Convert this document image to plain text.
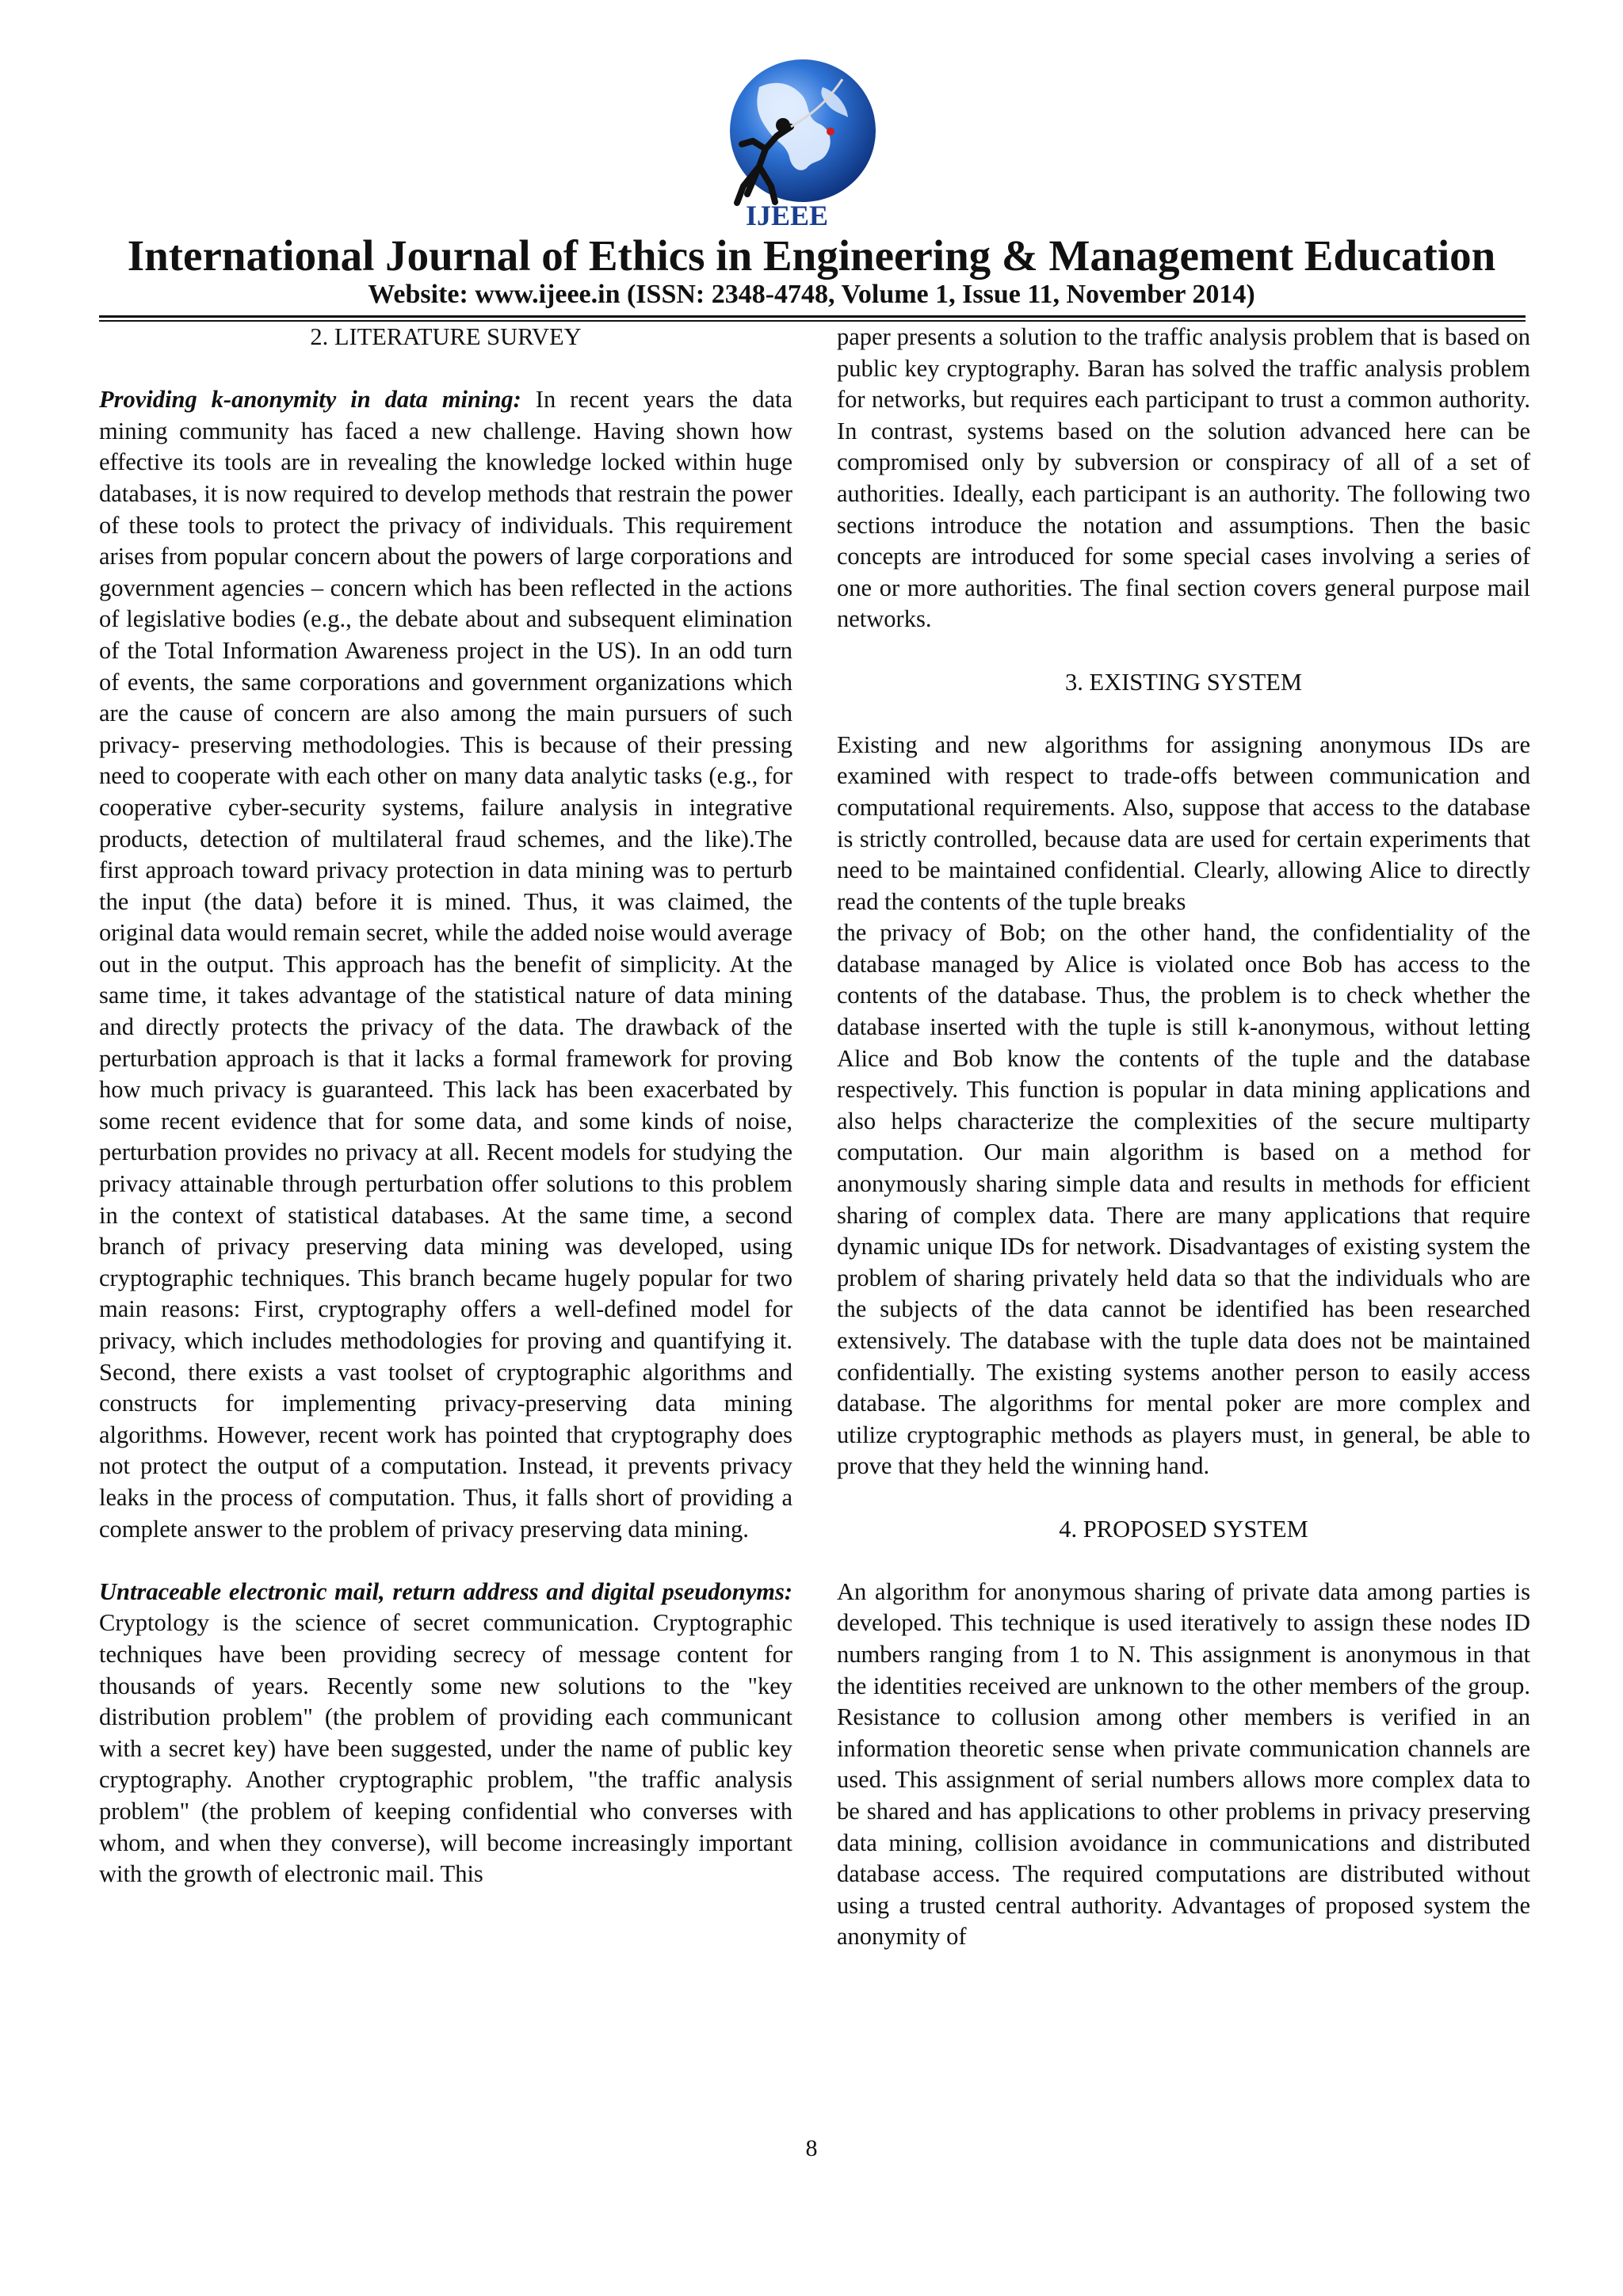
IJEEE
International Journal of Ethics in Engineering & Management Education
Website: www.ijeee.in (ISSN: 2348-4748, Volume 1, Issue 11, November 2014)

2. LITERATURE SURVEY

Providing k-anonymity in data mining: In recent years the data mining community has faced a new challenge. Having shown how effective its tools are in revealing the knowledge locked within huge databases, it is now required to develop methods that restrain the power of these tools to protect the privacy of individuals. This requirement arises from popular concern about the powers of large corporations and government agencies – concern which has been reflected in the actions of legislative bodies (e.g., the debate about and subsequent elimination of the Total Information Awareness project in the US). In an odd turn of events, the same corporations and government organizations which are the cause of concern are also among the main pursuers of such privacy- preserving methodologies. This is because of their pressing need to cooperate with each other on many data analytic tasks (e.g., for cooperative cyber-security systems, failure analysis in integrative products, detection of multilateral fraud schemes, and the like).The first approach toward privacy protection in data mining was to perturb the input (the data) before it is mined. Thus, it was claimed, the original data would remain secret, while the added noise would average out in the output. This approach has the benefit of simplicity. At the same time, it takes advantage of the statistical nature of data mining and directly protects the privacy of the data. The drawback of the perturbation approach is that it lacks a formal framework for proving how much privacy is guaranteed. This lack has been exacerbated by some recent evidence that for some data, and some kinds of noise, perturbation provides no privacy at all. Recent models for studying the privacy attainable through perturbation offer solutions to this problem in the context of statistical databases. At the same time, a second branch of privacy preserving data mining was developed, using cryptographic techniques. This branch became hugely popular for two main reasons: First, cryptography offers a well-defined model for privacy, which includes methodologies for proving and quantifying it. Second, there exists a vast toolset of cryptographic algorithms and constructs for implementing privacy-preserving data mining algorithms. However, recent work has pointed that cryptography does not protect the output of a computation. Instead, it prevents privacy leaks in the process of computation. Thus, it falls short of providing a complete answer to the problem of privacy preserving data mining.

Untraceable electronic mail, return address and digital pseudonyms: Cryptology is the science of secret communication. Cryptographic techniques have been providing secrecy of message content for thousands of years. Recently some new solutions to the "key distribution problem" (the problem of providing each communicant with a secret key) have been suggested, under the name of public key cryptography. Another cryptographic problem, "the traffic analysis problem" (the problem of keeping confidential who converses with whom, and when they converse), will become increasingly important with the growth of electronic mail. This

paper presents a solution to the traffic analysis problem that is based on public key cryptography. Baran has solved the traffic analysis problem for networks, but requires each participant to trust a common authority. In contrast, systems based on the solution advanced here can be compromised only by subversion or conspiracy of all of a set of authorities. Ideally, each participant is an authority. The following two sections introduce the notation and assumptions. Then the basic concepts are introduced for some special cases involving a series of one or more authorities. The final section covers general purpose mail networks.

3. EXISTING SYSTEM

Existing and new algorithms for assigning anonymous IDs are examined with respect to trade-offs between communication and computational requirements. Also, suppose that access to the database is strictly controlled, because data are used for certain experiments that need to be maintained confidential. Clearly, allowing Alice to directly read the contents of the tuple breaks

the privacy of Bob; on the other hand, the confidentiality of the database managed by Alice is violated once Bob has access to the contents of the database. Thus, the problem is to check whether the database inserted with the tuple is still k-anonymous, without letting Alice and Bob know the contents of the tuple and the database respectively. This function is popular in data mining applications and also helps characterize the complexities of the secure multiparty computation. Our main algorithm is based on a method for anonymously sharing simple data and results in methods for efficient sharing of complex data. There are many applications that require dynamic unique IDs for network. Disadvantages of existing system the problem of sharing privately held data so that the individuals who are the subjects of the data cannot be identified has been researched extensively. The database with the tuple data does not be maintained confidentially. The existing systems another person to easily access database. The algorithms for mental poker are more complex and utilize cryptographic methods as players must, in general, be able to prove that they held the winning hand.

4. PROPOSED SYSTEM

An algorithm for anonymous sharing of private data among parties is developed. This technique is used iteratively to assign these nodes ID numbers ranging from 1 to N. This assignment is anonymous in that the identities received are unknown to the other members of the group. Resistance to collusion among other members is verified in an information theoretic sense when private communication channels are used. This assignment of serial numbers allows more complex data to be shared and has applications to other problems in privacy preserving data mining, collision avoidance in communications and distributed database access. The required computations are distributed without using a trusted central authority. Advantages of proposed system the anonymity of

8
